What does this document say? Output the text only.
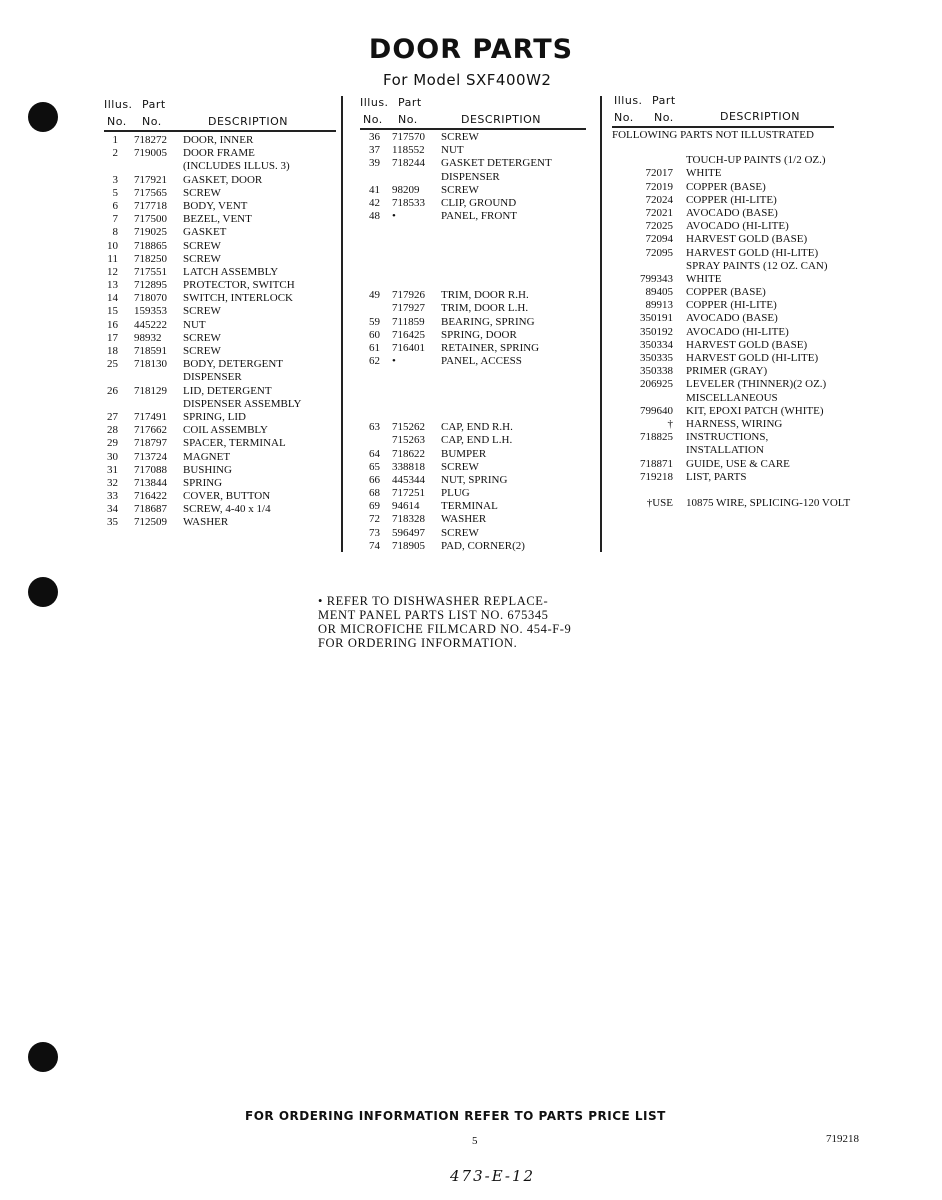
DOOR PARTS
For Model SXF400W2
Illus. Part
No. No.	DESCRIPTION
1 718272 DOOR, INNER
2 719005 DOOR FRAME
(INCLUDES ILLUS. 3)
3 717921 GASKET, DOOR
5 717565 SCREW
6 717718 BODY, VENT
7 717500 BEZEL, VENT
8 719025 GASKET
10 718865 SCREW
11 718250 SCREW
12 717551 LATCH ASSEMBLY
13 712895 PROTECTOR, SWITCH
14 718070 SWITCH, INTERLOCK
15 159353 SCREW
16 445222 NUT
17 98932 SCREW
18 718591 SCREW
25 718130 BODY, DETERGENT
DISPENSER
26 718129 LID, DETERGENT
DISPENSER ASSEMBLY
27 717491 SPRING, LID
28 717662 COIL ASSEMBLY
29 718797 SPACER, TERMINAL
30 713724 MAGNET
31 717088 BUSHING
32 713844 SPRING
33 716422 COVER, BUTTON
34 718687 SCREW, 4-40 x 1/4
35 712509 WASHER
Illus. Part
No. No.	DESCRIPTION
36 717570 SCREW
37 118552 NUT
39 718244 GASKET DETERGENT
DISPENSER
41 98209 SCREW
42 718533 CLIP, GROUND
48 •	PANEL, FRONT
49 717926 TRIM, DOOR R.H.
717927 TRIM, DOOR L.H.
59 711859 BEARING, SPRING
60 716425 SPRING, DOOR
61 716401 RETAINER, SPRING
62 •	PANEL, ACCESS
63 715262 CAP, END R.H.
715263 CAP, END L.H.
64 718622 BUMPER
65 338818 SCREW
66 445344 NUT, SPRING
68 717251 PLUG
69 94614 TERMINAL
72 718328 WASHER
73 596497 SCREW
74 718905 PAD, CORNER(2)
Illus. Part
No. No.	DESCRIPTION
FOLLOWING PARTS NOT ILLUSTRATED
TOUCH-UP PAINTS (1/2 OZ.)
72017 WHITE
72019 COPPER (BASE)
72024 COPPER (HI-LITE)
72021 AVOCADO (BASE)
72025 AVOCADO (HI-LITE)
72094 HARVEST GOLD (BASE)
72095 HARVEST GOLD (HI-LITE)
SPRAY PAINTS (12 OZ. CAN)
799343 WHITE
89405 COPPER (BASE)
89913 COPPER (HI-LITE)
350191 AVOCADO (BASE)
350192 AVOCADO (HI-LITE)
350334 HARVEST GOLD (BASE)
350335 HARVEST GOLD (HI-LITE)
350338 PRIMER (GRAY)
206925 LEVELER (THINNER)(2 OZ.)
MISCELLANEOUS
799640 KIT, EPOXI PATCH (WHITE)
† HARNESS, WIRING
718825 INSTRUCTIONS,
INSTALLATION
718871 GUIDE, USE & CARE
719218 LIST, PARTS
†USE 10875 WIRE, SPLICING-120 VOLT
• REFER TO DISHWASHER REPLACE-
MENT PANEL PARTS LIST NO. 675345
OR MICROFICHE FILMCARD NO. 454-F-9
FOR ORDERING INFORMATION.
FOR ORDERING INFORMATION REFER TO PARTS PRICE LIST
5	719218
473-E-12
